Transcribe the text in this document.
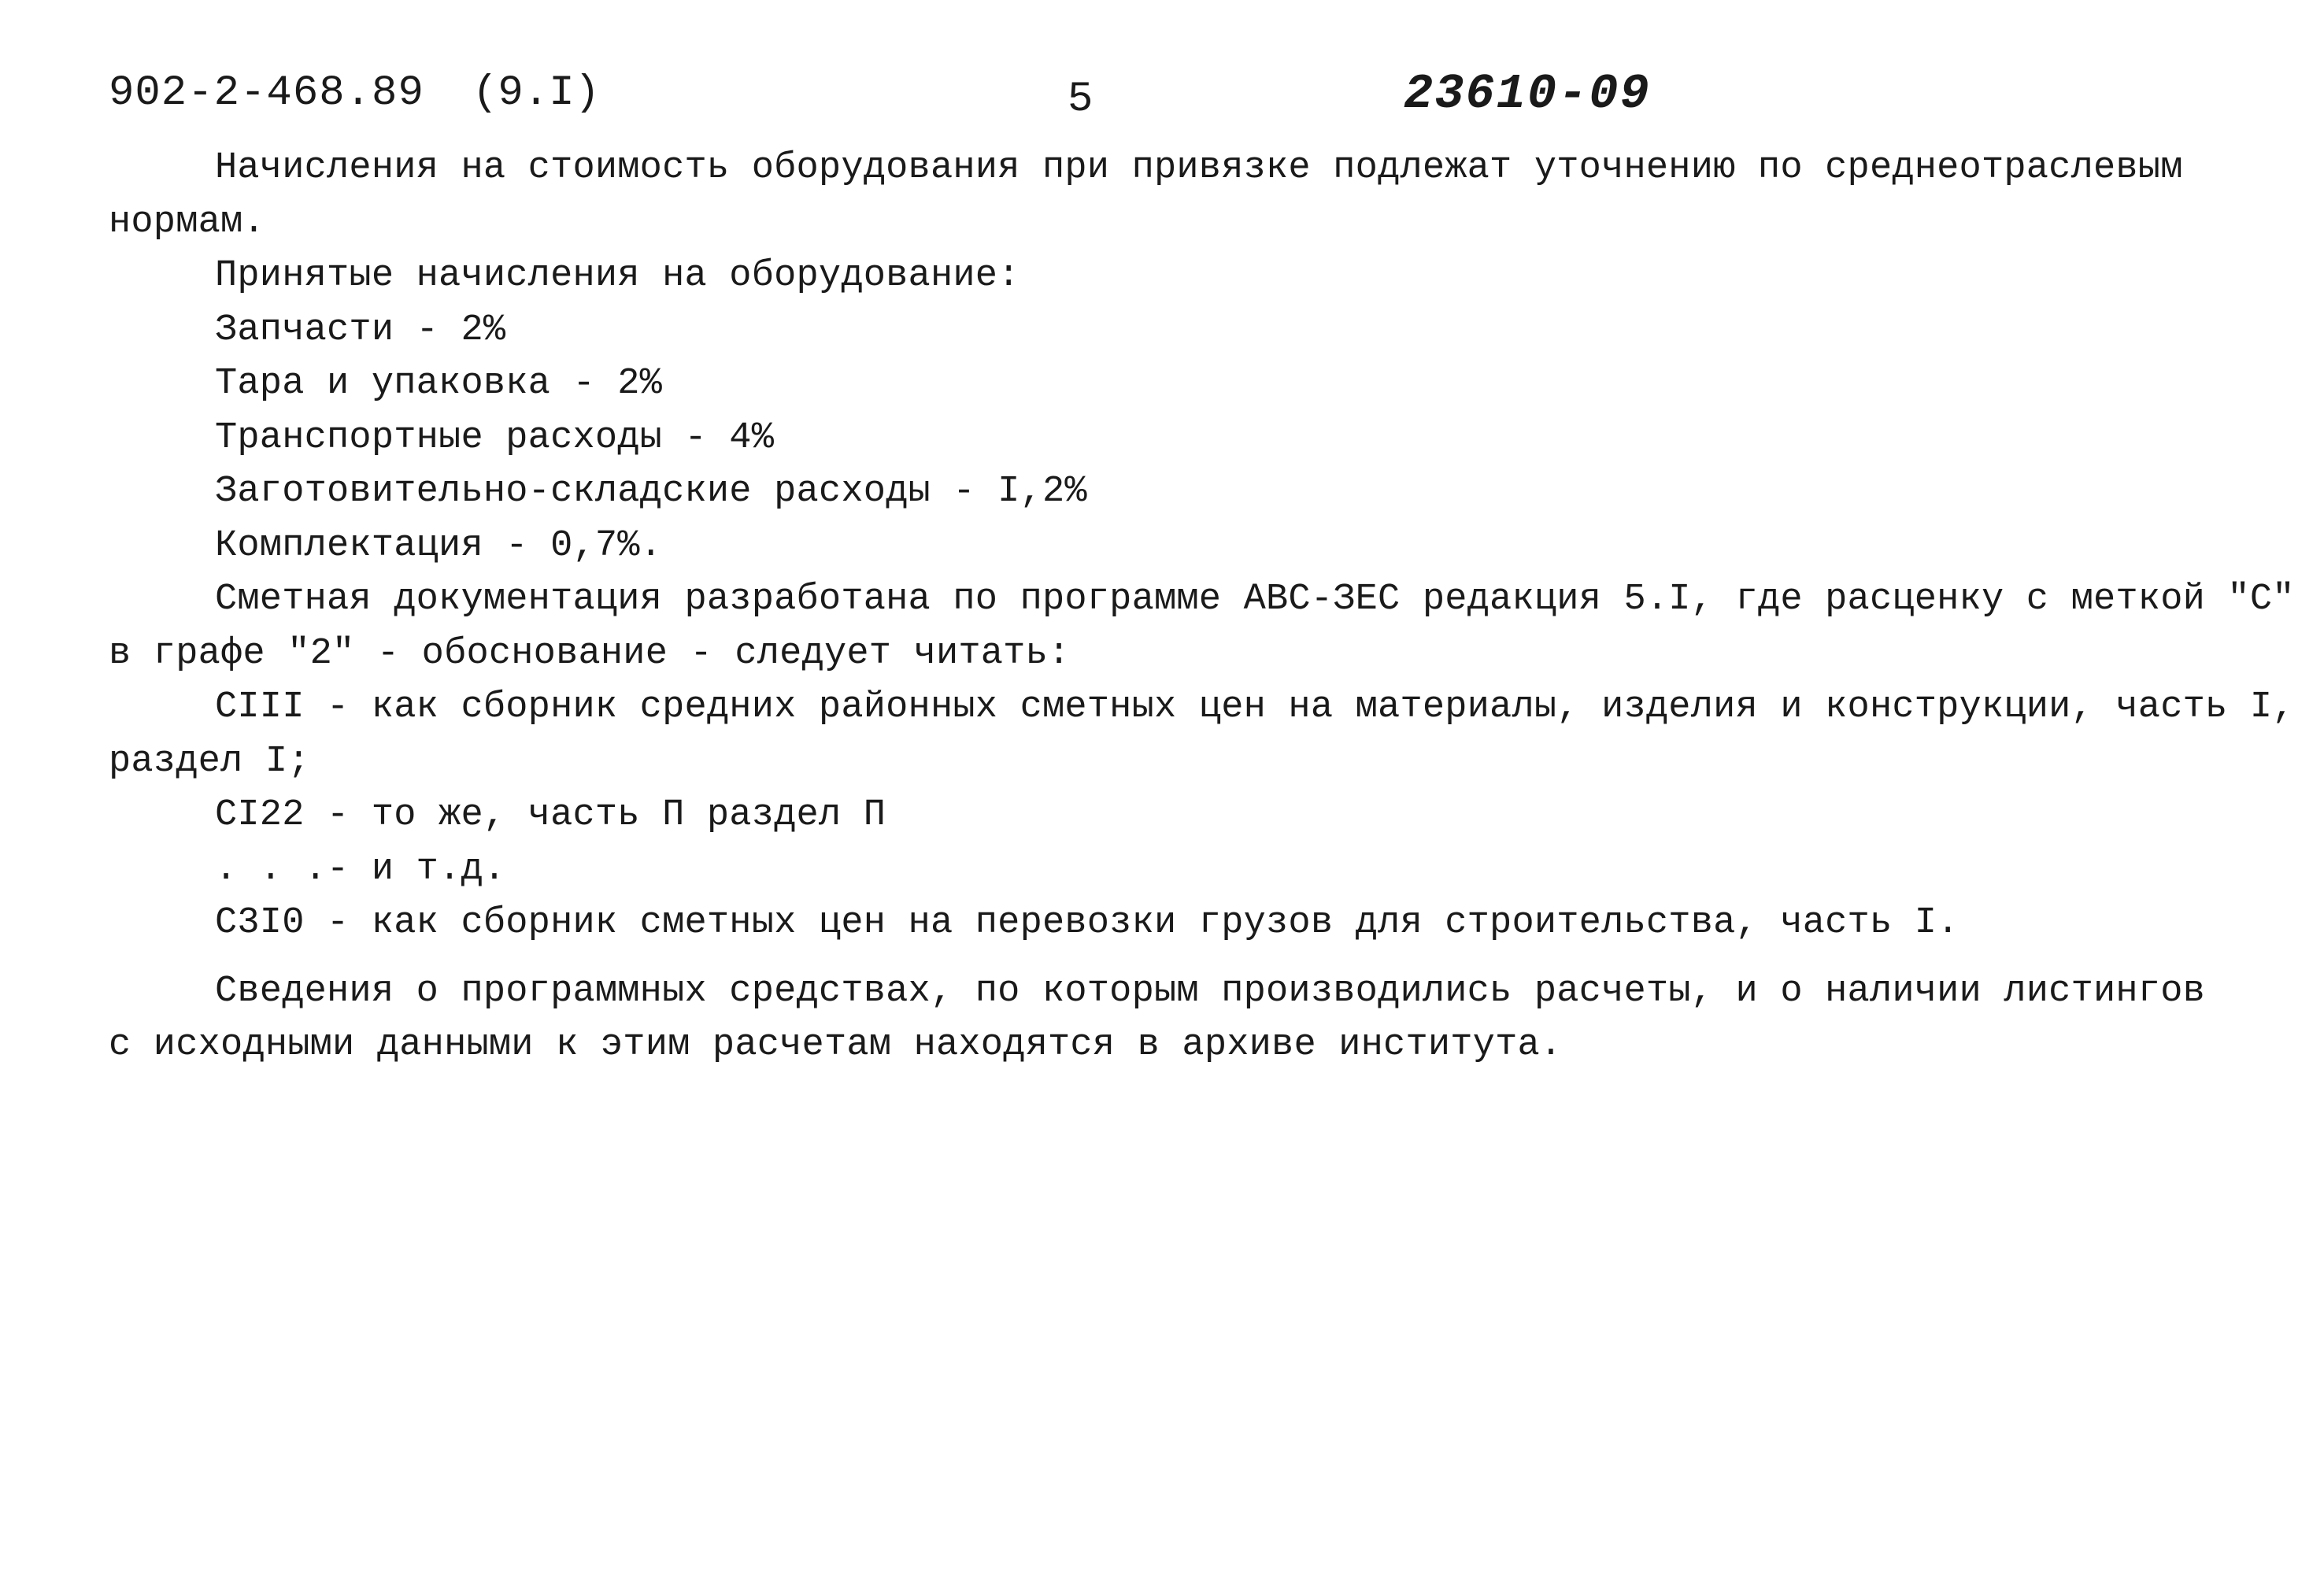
902-2-468.89 (9.I)	5	23610-09
Начисления на стоимость оборудования при привязке подлежат уточнению по среднеотраслевым
нормам.
Принятые начисления на оборудование:
Запчасти - 2%
Тара и упаковка - 2%
Транспортные расходы - 4%
Заготовительно-складские расходы - I,2%
Комплектация - 0,7%.
Сметная документация разработана по программе АВС-ЗЕС редакция 5.I, где расценку с меткой "С"
в графе "2" - обоснование - следует читать:
CIII - как сборник средних районных сметных цен на материалы, изделия и конструкции, часть I,
раздел I;
CI22 - то же, часть П раздел П
. . .- и т.д.
C3I0 - как сборник сметных цен на перевозки грузов для строительства, часть I.
Сведения о программных средствах, по которым производились расчеты, и о наличии листингов
с исходными данными к этим расчетам находятся в архиве института.
